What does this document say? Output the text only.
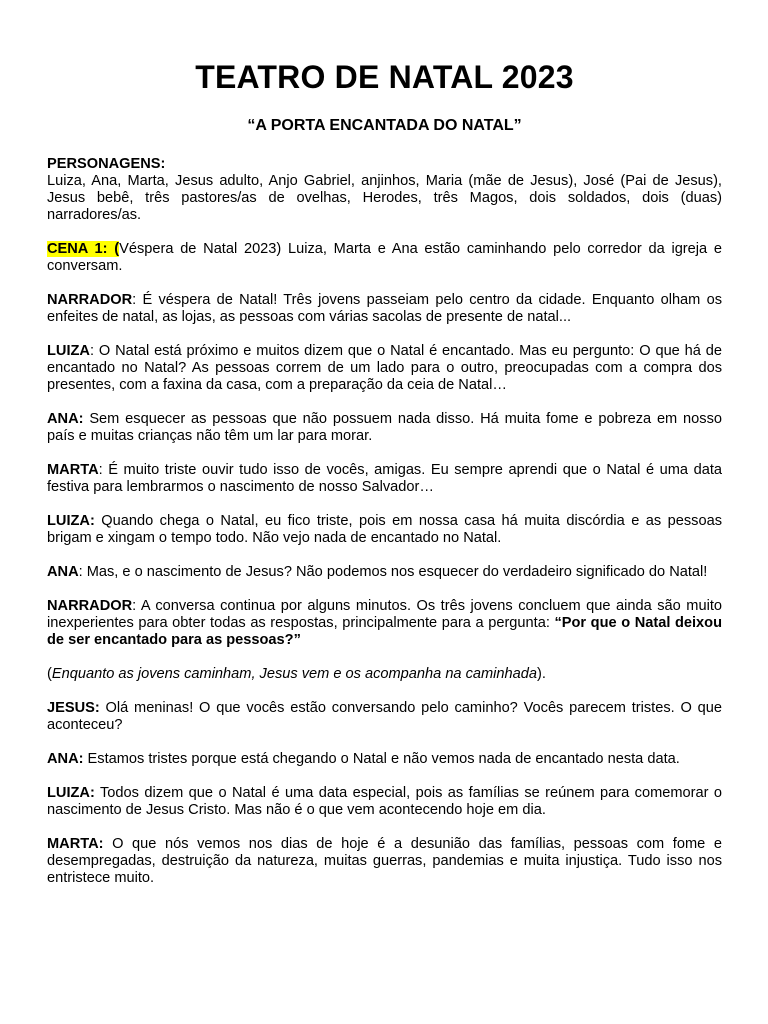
TEATRO DE NATAL 2023
“A PORTA ENCANTADA DO NATAL”
PERSONAGENS:
Luiza, Ana, Marta, Jesus adulto, Anjo Gabriel, anjinhos, Maria (mãe de Jesus), José (Pai de Jesus), Jesus bebê, três pastores/as de ovelhas, Herodes, três Magos, dois soldados, dois (duas) narradores/as.
CENA 1: (Véspera de Natal 2023) Luiza, Marta e Ana estão caminhando pelo corredor da igreja e conversam.
NARRADOR: É véspera de Natal! Três jovens passeiam pelo centro da cidade. Enquanto olham os enfeites de natal, as lojas, as pessoas com várias sacolas de presente de natal...
LUIZA: O Natal está próximo e muitos dizem que o Natal é encantado. Mas eu pergunto: O que há de encantado no Natal? As pessoas correm de um lado para o outro, preocupadas com a compra dos presentes, com a faxina da casa, com a preparação da ceia de Natal…
ANA: Sem esquecer as pessoas que não possuem nada disso. Há muita fome e pobreza em nosso país e muitas crianças não têm um lar para morar.
MARTA: É muito triste ouvir tudo isso de vocês, amigas. Eu sempre aprendi que o Natal é uma data festiva para lembrarmos o nascimento de nosso Salvador…
LUIZA: Quando chega o Natal, eu fico triste, pois em nossa casa há muita discórdia e as pessoas brigam e xingam o tempo todo. Não vejo nada de encantado no Natal.
ANA: Mas, e o nascimento de Jesus? Não podemos nos esquecer do verdadeiro significado do Natal!
NARRADOR: A conversa continua por alguns minutos. Os três jovens concluem que ainda são muito inexperientes para obter todas as respostas, principalmente para a pergunta: “Por que o Natal deixou de ser encantado para as pessoas?”
(Enquanto as jovens caminham, Jesus vem e os acompanha na caminhada).
JESUS: Olá meninas! O que vocês estão conversando pelo caminho? Vocês parecem tristes. O que aconteceu?
ANA: Estamos tristes porque está chegando o Natal e não vemos nada de encantado nesta data.
LUIZA: Todos dizem que o Natal é uma data especial, pois as famílias se reúnem para comemorar o nascimento de Jesus Cristo. Mas não é o que vem acontecendo hoje em dia.
MARTA: O que nós vemos nos dias de hoje é a desunião das famílias, pessoas com fome e desempregadas, destruição da natureza, muitas guerras, pandemias e muita injustiça. Tudo isso nos entristece muito.
